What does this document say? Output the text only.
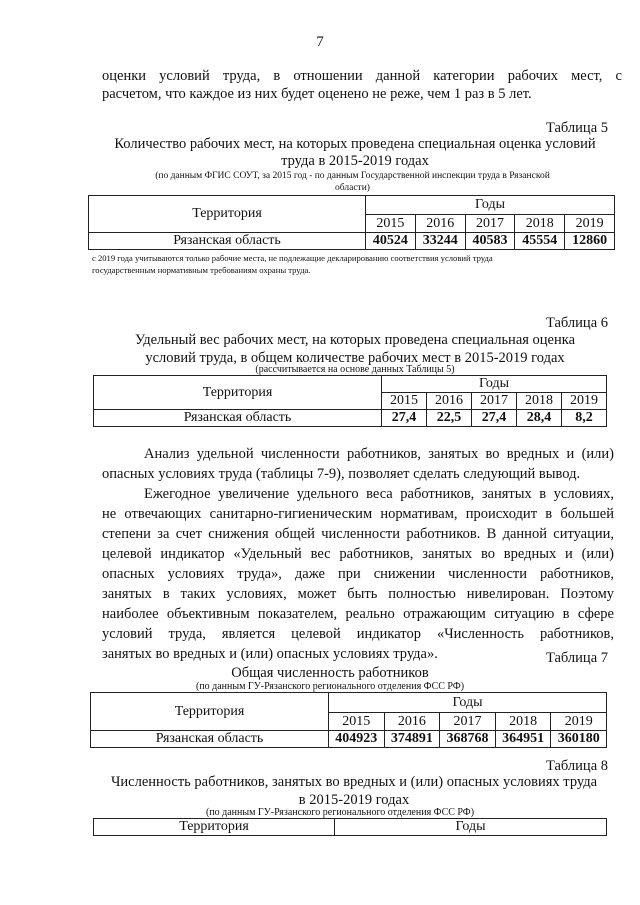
7
оценки условий труда, в отношении данной категории рабочих мест, с
расчетом, что каждое из них будет оценено не реже, чем 1 раз в 5 лет.
Таблица 5
Количество рабочих мест, на которых проведена специальная оценка условий
труда в 2015-2019 годах
(по данным ФГИС СОУТ, за 2015 год - по данным Государственной инспекции труда в Рязанской
области)
Территория	Годы				
	2015	2016	2017	2018	2019
Рязанская область	40524	33244	40583	45554	12860
с 2019 года учитываются только рабочие места, не подлежащие декларированию соответствия условий труда
государственным нормативным требованиям охраны труда.
Таблица 6
Удельный вес рабочих мест, на которых проведена специальная оценка
условий труда, в общем количестве рабочих мест в 2015-2019 годах
(рассчитывается на основе данных Таблицы 5)
Территория	Годы				
	2015	2016	2017	2018	2019
Рязанская область	27,4	22,5	27,4	28,4	8,2
Анализ удельной численности работников, занятых во вредных и (или)
опасных условиях труда (таблицы 7-9), позволяет сделать следующий вывод.
Ежегодное увеличение удельного веса работников, занятых в условиях,
не отвечающих санитарно-гигиеническим нормативам, происходит в большей
степени за счет снижения общей численности работников. В данной ситуации,
целевой индикатор «Удельный вес работников, занятых во вредных и (или)
опасных условиях труда», даже при снижении численности работников,
занятых в таких условиях, может быть полностью нивелирован. Поэтому
наиболее объективным показателем, реально отражающим ситуацию в сфере
условий труда, является целевой индикатор «Численность работников,
занятых во вредных и (или) опасных условиях труда».	Таблица 7
Общая численность работников
(по данным ГУ-Рязанского регионального отделения ФСС РФ)
Территория	Годы				
	2015	2016	2017	2018	2019
Рязанская область	404923	374891	368768	364951	360180
Таблица 8
Численность работников, занятых во вредных и (или) опасных условиях труда
в 2015-2019 годах
(по данным ГУ-Рязанского регионального отделения ФСС РФ)
Территория	Годы
